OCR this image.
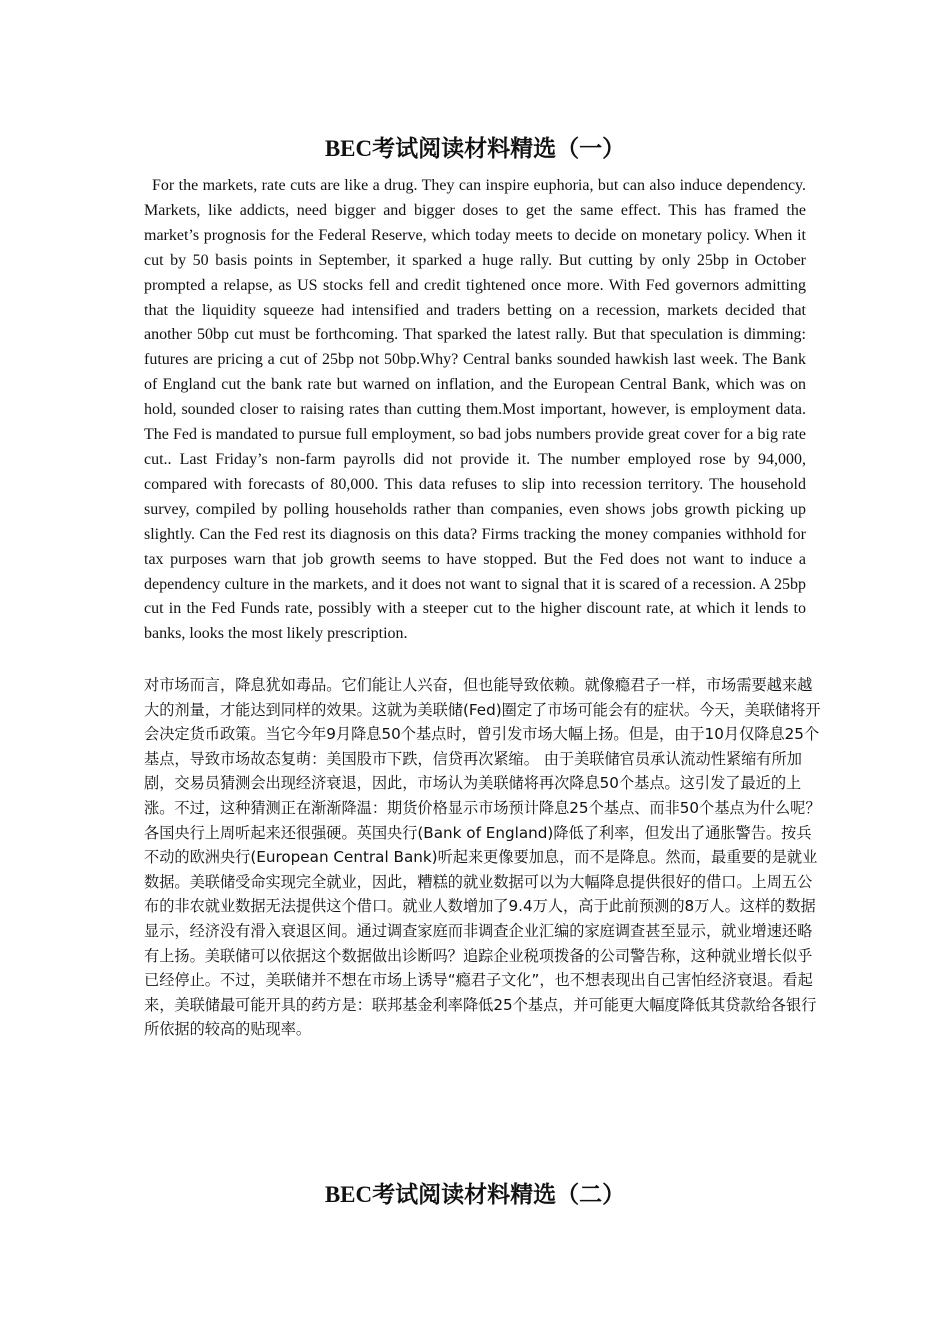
BEC考试阅读材料精选（一）

For the markets, rate cuts are like a drug. They can inspire euphoria, but can also induce dependency. Markets, like addicts, need bigger and bigger doses to get the same effect. This has framed the market’s prognosis for the Federal Reserve, which today meets to decide on monetary policy. When it cut by 50 basis points in September, it sparked a huge rally. But cutting by only 25bp in October prompted a relapse, as US stocks fell and credit tightened once more. With Fed governors admitting that the liquidity squeeze had intensified and traders betting on a recession, markets decided that another 50bp cut must be forthcoming. That sparked the latest rally. But that speculation is dimming: futures are pricing a cut of 25bp not 50bp.Why? Central banks sounded hawkish last week. The Bank of England cut the bank rate but warned on inflation, and the European Central Bank, which was on hold, sounded closer to raising rates than cutting them.Most important, however, is employment data. The Fed is mandated to pursue full employment, so bad jobs numbers provide great cover for a big rate cut.. Last Friday’s non-farm payrolls did not provide it. The number employed rose by 94,000, compared with forecasts of 80,000. This data refuses to slip into recession territory. The household survey, compiled by polling households rather than companies, even shows jobs growth picking up slightly. Can the Fed rest its diagnosis on this data? Firms tracking the money companies withhold for tax purposes warn that job growth seems to have stopped. But the Fed does not want to induce a dependency culture in the markets, and it does not want to signal that it is scared of a recession. A 25bp cut in the Fed Funds rate, possibly with a steeper cut to the higher discount rate, at which it lends to banks, looks the most likely prescription.

对市场而言，降息犹如毒品。它们能让人兴奋，但也能导致依赖。就像瘾君子一样，市场需要越来越大的剂量，才能达到同样的效果。这就为美联储(Fed)圈定了市场可能会有的症状。今天，美联储将开会决定货币政策。当它今年9月降息50个基点时，曾引发市场大幅上扬。但是，由于10月仅降息25个基点，导致市场故态复萌：美国股市下跌，信贷再次紧缩。 由于美联储官员承认流动性紧缩有所加剧，交易员猜测会出现经济衰退，因此，市场认为美联储将再次降息50个基点。这引发了最近的上涨。不过，这种猜测正在渐渐降温：期货价格显示市场预计降息25个基点、而非50个基点为什么呢？各国央行上周听起来还很强硬。英国央行(Bank of England)降低了利率，但发出了通胀警告。按兵不动的欧洲央行(European Central Bank)听起来更像要加息，而不是降息。然而，最重要的是就业数据。美联储受命实现完全就业，因此，糟糕的就业数据可以为大幅降息提供很好的借口。上周五公布的非农就业数据无法提供这个借口。就业人数增加了9.4万人，高于此前预测的8万人。这样的数据显示，经济没有滑入衰退区间。通过调查家庭而非调查企业汇编的家庭调查甚至显示，就业增速还略有上扬。美联储可以依据这个数据做出诊断吗？追踪企业税项拨备的公司警告称，这种就业增长似乎已经停止。不过，美联储并不想在市场上诱导“瘾君子文化”，也不想表现出自己害怕经济衰退。看起来，美联储最可能开具的药方是：联邦基金利率降低25个基点，并可能更大幅度降低其贷款给各银行所依据的较高的贴现率。

BEC考试阅读材料精选（二）
